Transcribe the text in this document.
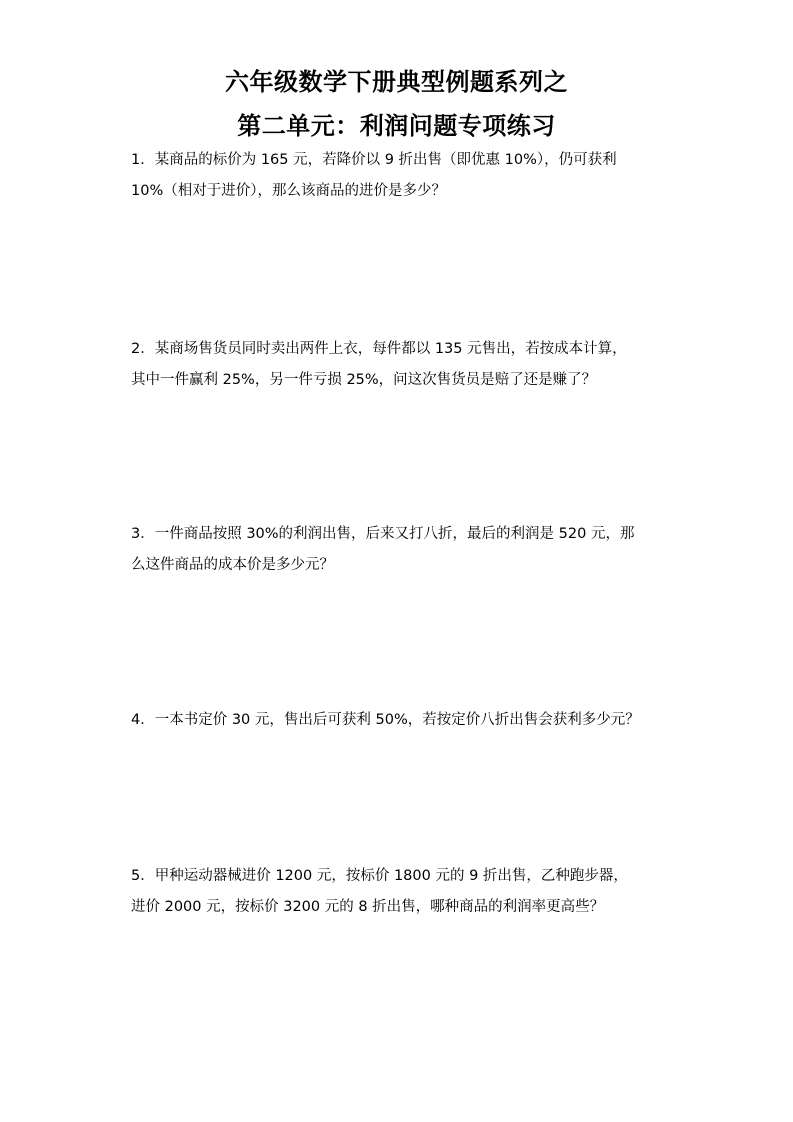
六年级数学下册典型例题系列之
第二单元：利润问题专项练习
1．某商品的标价为 165 元，若降价以 9 折出售（即优惠 10%），仍可获利
10%（相对于进价），那么该商品的进价是多少？
2．某商场售货员同时卖出两件上衣，每件都以 135 元售出，若按成本计算，
其中一件赢利 25%，另一件亏损 25%，问这次售货员是赔了还是赚了？
3．一件商品按照 30%的利润出售，后来又打八折，最后的利润是 520 元，那
么这件商品的成本价是多少元？
4．一本书定价 30 元，售出后可获利 50%，若按定价八折出售会获利多少元？
5．甲种运动器械进价 1200 元，按标价 1800 元的 9 折出售，乙种跑步器，
进价 2000 元，按标价 3200 元的 8 折出售，哪种商品的利润率更高些？
